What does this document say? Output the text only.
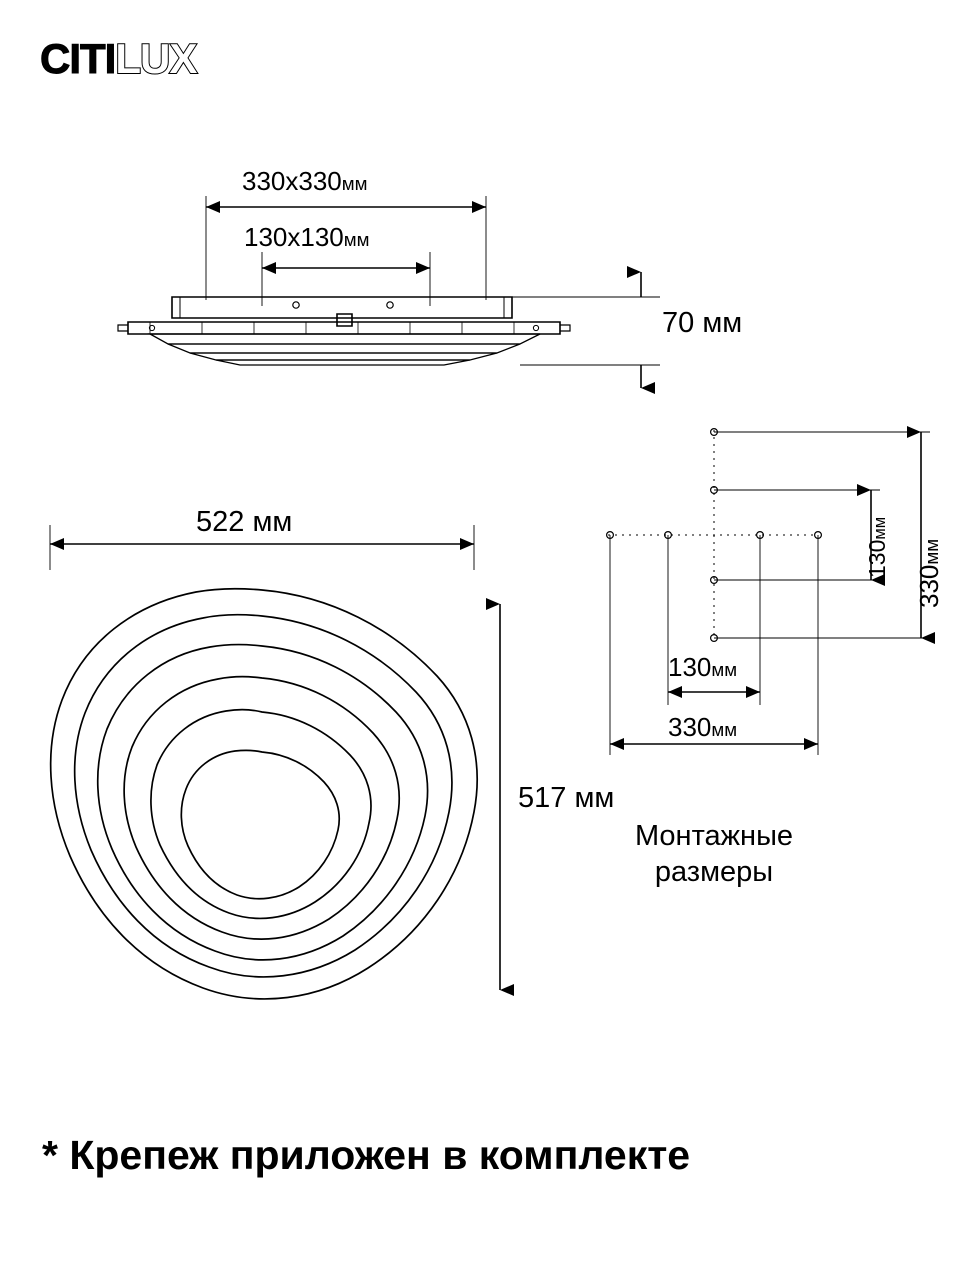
CITILUX
330x330мм
130x130мм
70 мм
522 мм
517 мм
130мм
330мм
130мм
330мм
Монтажные
размеры
* Крепеж приложен в комплекте
